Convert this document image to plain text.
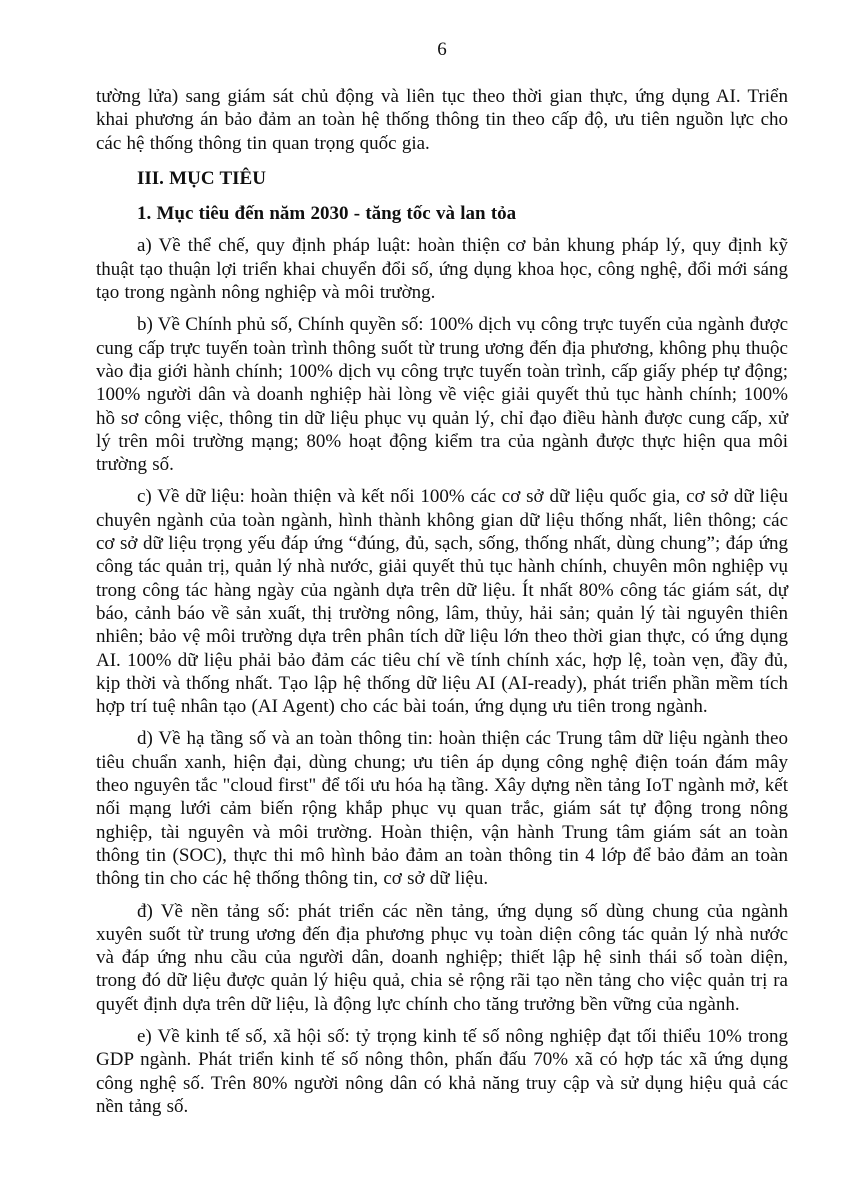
6

tường lửa) sang giám sát chủ động và liên tục theo thời gian thực, ứng dụng AI. Triển khai phương án bảo đảm an toàn hệ thống thông tin theo cấp độ, ưu tiên nguồn lực cho các hệ thống thông tin quan trọng quốc gia.

III. MỤC TIÊU

1. Mục tiêu đến năm 2030 - tăng tốc và lan tỏa

a) Về thể chế, quy định pháp luật: hoàn thiện cơ bản khung pháp lý, quy định kỹ thuật tạo thuận lợi triển khai chuyển đổi số, ứng dụng khoa học, công nghệ, đổi mới sáng tạo trong ngành nông nghiệp và môi trường.

b) Về Chính phủ số, Chính quyền số: 100% dịch vụ công trực tuyến của ngành được cung cấp trực tuyến toàn trình thông suốt từ trung ương đến địa phương, không phụ thuộc vào địa giới hành chính; 100% dịch vụ công trực tuyến toàn trình, cấp giấy phép tự động; 100% người dân và doanh nghiệp hài lòng về việc giải quyết thủ tục hành chính; 100% hồ sơ công việc, thông tin dữ liệu phục vụ quản lý, chỉ đạo điều hành được cung cấp, xử lý trên môi trường mạng; 80% hoạt động kiểm tra của ngành được thực hiện qua môi trường số.

c) Về dữ liệu: hoàn thiện và kết nối 100% các cơ sở dữ liệu quốc gia, cơ sở dữ liệu chuyên ngành của toàn ngành, hình thành không gian dữ liệu thống nhất, liên thông; các cơ sở dữ liệu trọng yếu đáp ứng “đúng, đủ, sạch, sống, thống nhất, dùng chung”; đáp ứng công tác quản trị, quản lý nhà nước, giải quyết thủ tục hành chính, chuyên môn nghiệp vụ trong công tác hàng ngày của ngành dựa trên dữ liệu. Ít nhất 80% công tác giám sát, dự báo, cảnh báo về sản xuất, thị trường nông, lâm, thủy, hải sản; quản lý tài nguyên thiên nhiên; bảo vệ môi trường dựa trên phân tích dữ liệu lớn theo thời gian thực, có ứng dụng AI. 100% dữ liệu phải bảo đảm các tiêu chí về tính chính xác, hợp lệ, toàn vẹn, đầy đủ, kịp thời và thống nhất. Tạo lập hệ thống dữ liệu AI (AI-ready), phát triển phần mềm tích hợp trí tuệ nhân tạo (AI Agent) cho các bài toán, ứng dụng ưu tiên trong ngành.

d) Về hạ tầng số và an toàn thông tin: hoàn thiện các Trung tâm dữ liệu ngành theo tiêu chuẩn xanh, hiện đại, dùng chung; ưu tiên áp dụng công nghệ điện toán đám mây theo nguyên tắc "cloud first" để tối ưu hóa hạ tầng. Xây dựng nền tảng IoT ngành mở, kết nối mạng lưới cảm biến rộng khắp phục vụ quan trắc, giám sát tự động trong nông nghiệp, tài nguyên và môi trường. Hoàn thiện, vận hành Trung tâm giám sát an toàn thông tin (SOC), thực thi mô hình bảo đảm an toàn thông tin 4 lớp để bảo đảm an toàn thông tin cho các hệ thống thông tin, cơ sở dữ liệu.

đ) Về nền tảng số: phát triển các nền tảng, ứng dụng số dùng chung của ngành xuyên suốt từ trung ương đến địa phương phục vụ toàn diện công tác quản lý nhà nước và đáp ứng nhu cầu của người dân, doanh nghiệp; thiết lập hệ sinh thái số toàn diện, trong đó dữ liệu được quản lý hiệu quả, chia sẻ rộng rãi tạo nền tảng cho việc quản trị ra quyết định dựa trên dữ liệu, là động lực chính cho tăng trưởng bền vững của ngành.

e) Về kinh tế số, xã hội số: tỷ trọng kinh tế số nông nghiệp đạt tối thiểu 10% trong GDP ngành. Phát triển kinh tế số nông thôn, phấn đấu 70% xã có hợp tác xã ứng dụng công nghệ số. Trên 80% người nông dân có khả năng truy cập và sử dụng hiệu quả các nền tảng số.
